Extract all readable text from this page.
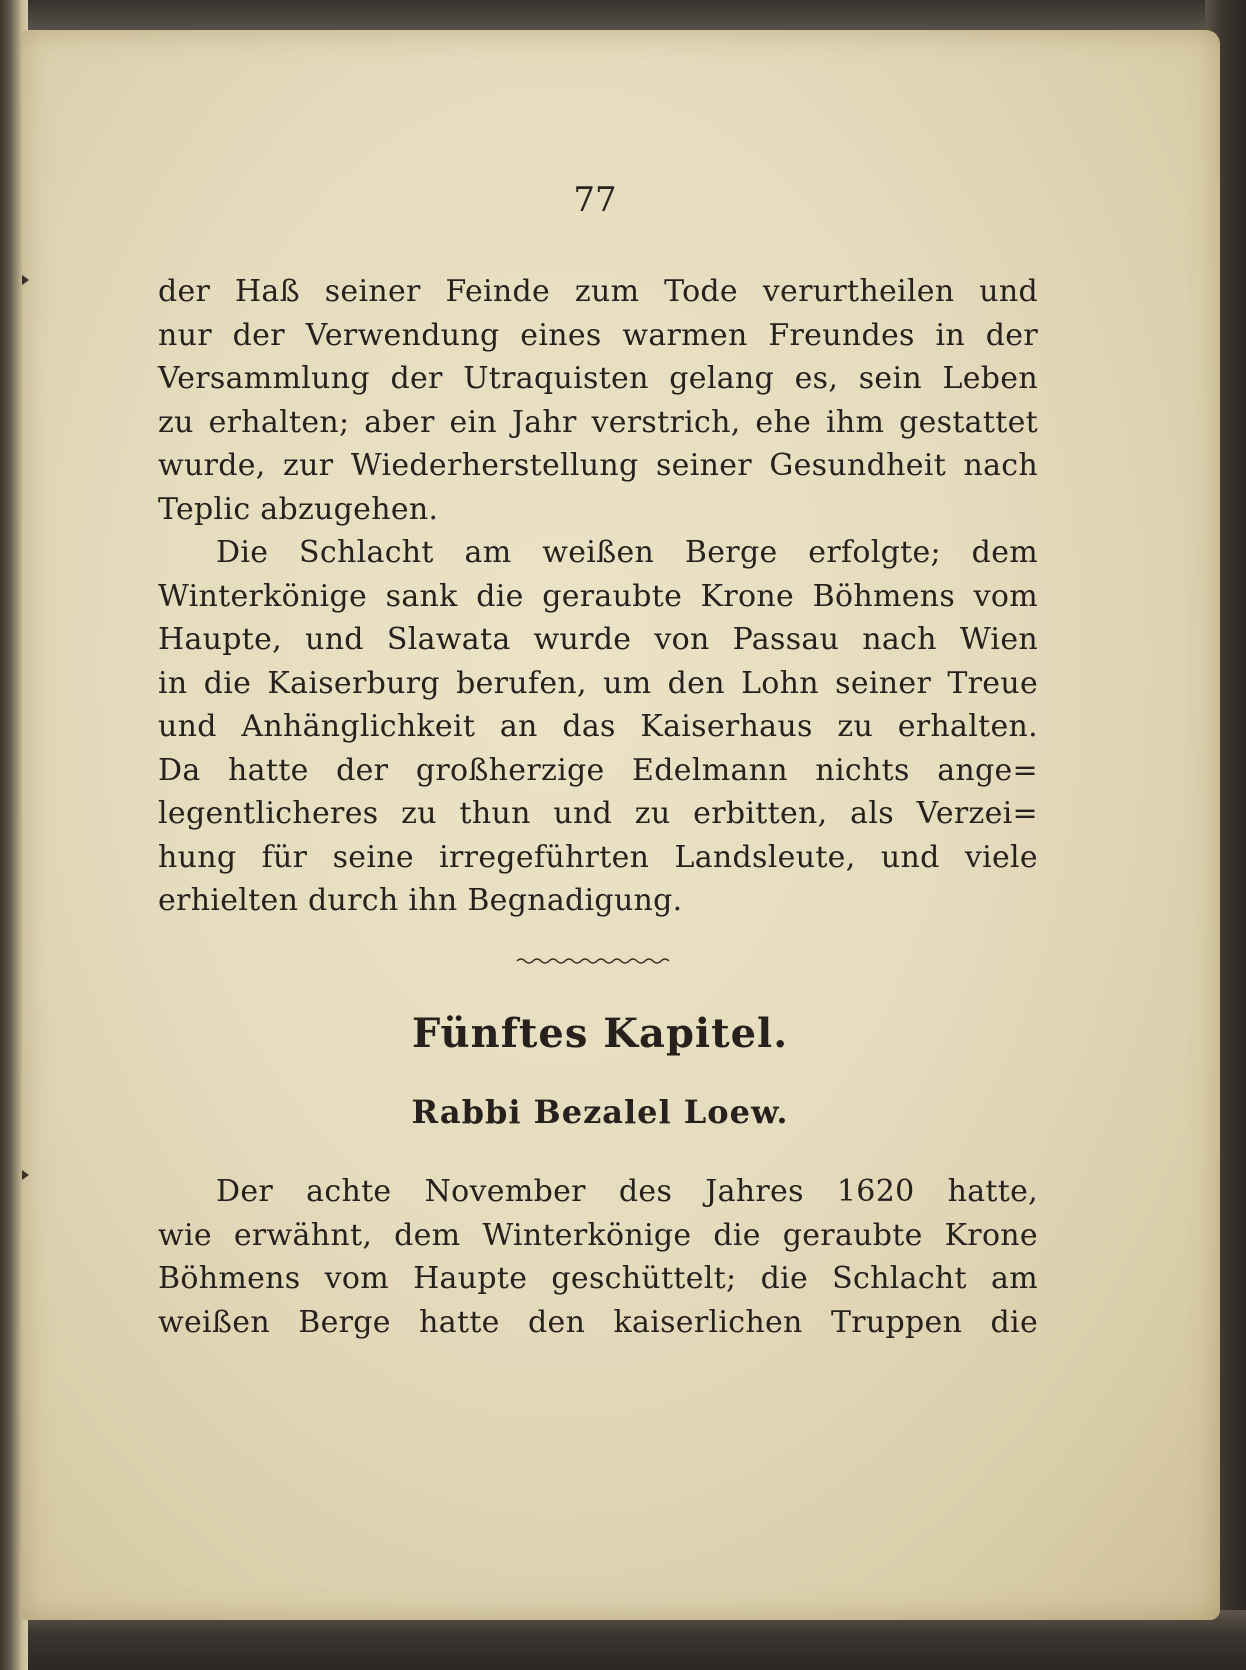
77
der Haß seiner Feinde zum Tode verurtheilen und
nur der Verwendung eines warmen Freundes in der
Versammlung der Utraquisten gelang es, sein Leben
zu erhalten; aber ein Jahr verstrich, ehe ihm gestattet
wurde, zur Wiederherstellung seiner Gesundheit nach
Teplic abzugehen.
Die Schlacht am weißen Berge erfolgte; dem
Winterkönige sank die geraubte Krone Böhmens vom
Haupte, und Slawata wurde von Passau nach Wien
in die Kaiserburg berufen, um den Lohn seiner Treue
und Anhänglichkeit an das Kaiserhaus zu erhalten.
Da hatte der großherzige Edelmann nichts ange=
legentlicheres zu thun und zu erbitten, als Verzei=
hung für seine irregeführten Landsleute, und viele
erhielten durch ihn Begnadigung.
Fünftes Kapitel.
Rabbi Bezalel Loew.
Der achte November des Jahres 1620 hatte,
wie erwähnt, dem Winterkönige die geraubte Krone
Böhmens vom Haupte geschüttelt; die Schlacht am
weißen Berge hatte den kaiserlichen Truppen die
